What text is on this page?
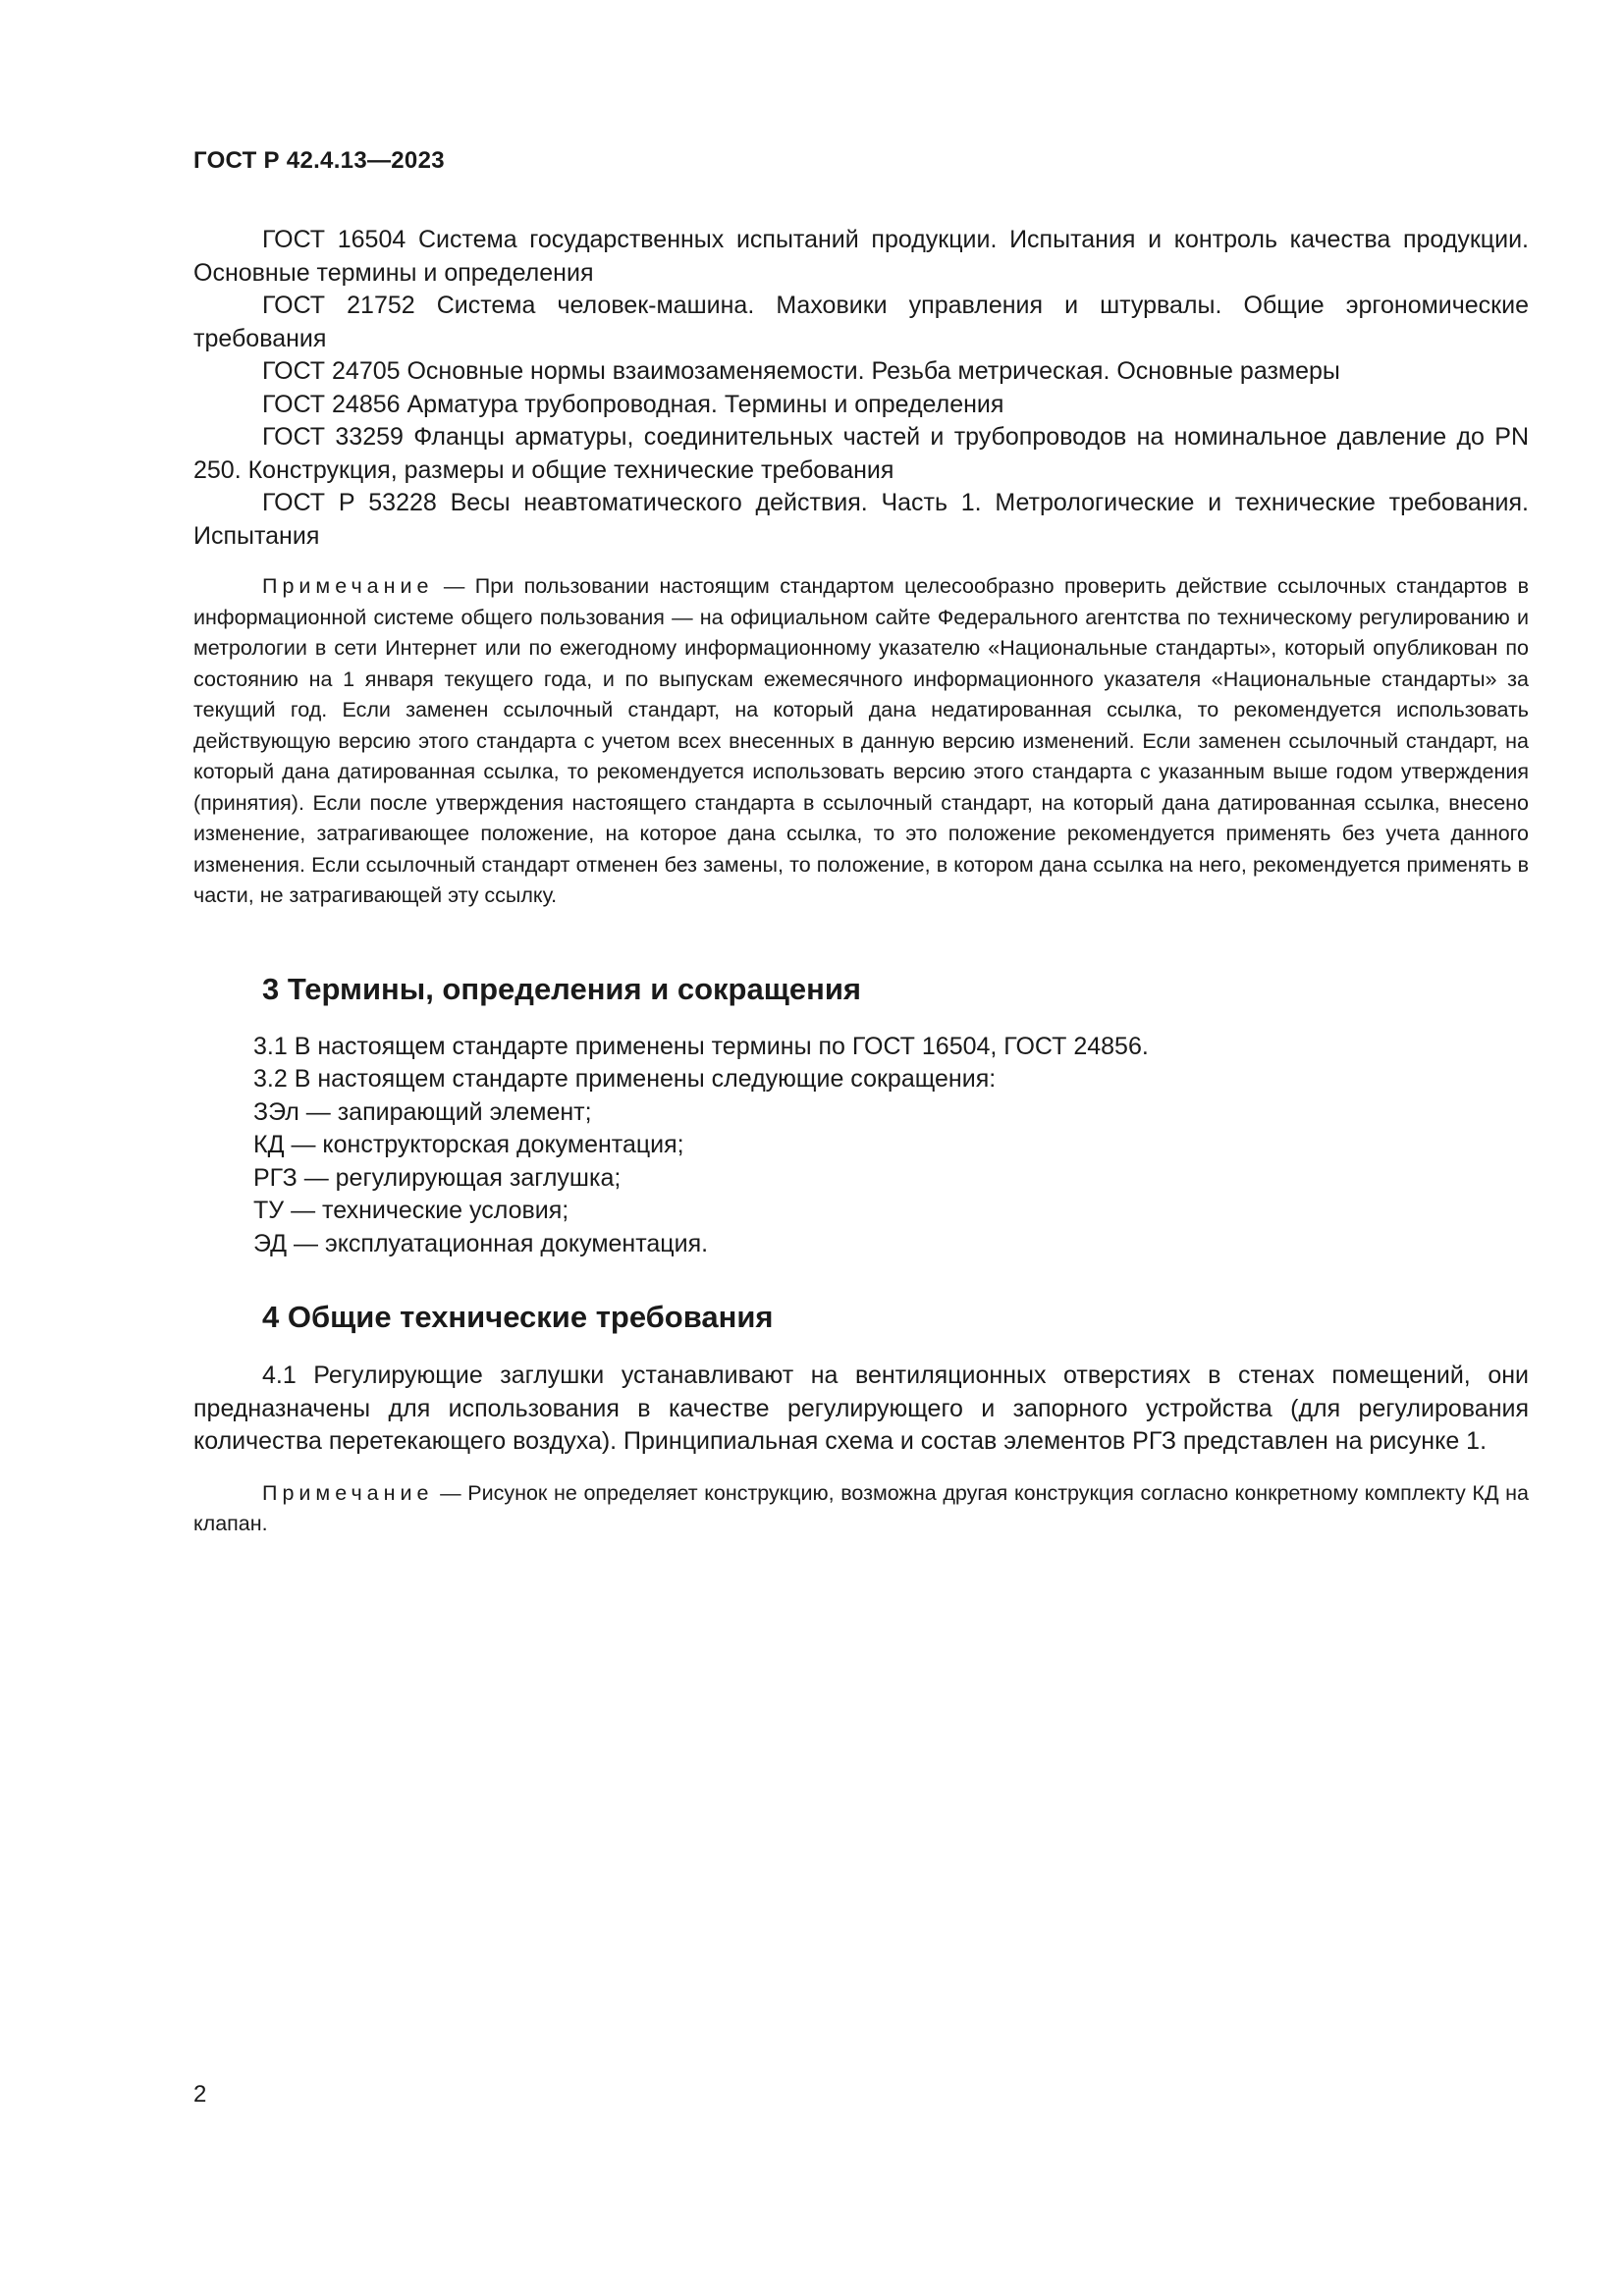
ГОСТ Р 42.4.13—2023

ГОСТ 16504 Система государственных испытаний продукции. Испытания и контроль качества продукции. Основные термины и определения

ГОСТ 21752 Система человек-машина. Маховики управления и штурвалы. Общие эргономические требования

ГОСТ 24705 Основные нормы взаимозаменяемости. Резьба метрическая. Основные размеры

ГОСТ 24856 Арматура трубопроводная. Термины и определения

ГОСТ 33259 Фланцы арматуры, соединительных частей и трубопроводов на номинальное давление до PN 250. Конструкция, размеры и общие технические требования

ГОСТ Р 53228 Весы неавтоматического действия. Часть 1. Метрологические и технические требования. Испытания

Примечание — При пользовании настоящим стандартом целесообразно проверить действие ссылочных стандартов в информационной системе общего пользования — на официальном сайте Федерального агентства по техническому регулированию и метрологии в сети Интернет или по ежегодному информационному указателю «Национальные стандарты», который опубликован по состоянию на 1 января текущего года, и по выпускам ежемесячного информационного указателя «Национальные стандарты» за текущий год. Если заменен ссылочный стандарт, на который дана недатированная ссылка, то рекомендуется использовать действующую версию этого стандарта с учетом всех внесенных в данную версию изменений. Если заменен ссылочный стандарт, на который дана датированная ссылка, то рекомендуется использовать версию этого стандарта с указанным выше годом утверждения (принятия). Если после утверждения настоящего стандарта в ссылочный стандарт, на который дана датированная ссылка, внесено изменение, затрагивающее положение, на которое дана ссылка, то это положение рекомендуется применять без учета данного изменения. Если ссылочный стандарт отменен без замены, то положение, в котором дана ссылка на него, рекомендуется применять в части, не затрагивающей эту ссылку.

3 Термины, определения и сокращения

3.1 В настоящем стандарте применены термины по ГОСТ 16504, ГОСТ 24856.

3.2 В настоящем стандарте применены следующие сокращения:

ЗЭл — запирающий элемент;

КД — конструкторская документация;

РГЗ — регулирующая заглушка;

ТУ — технические условия;

ЭД — эксплуатационная документация.

4 Общие технические требования

4.1 Регулирующие заглушки устанавливают на вентиляционных отверстиях в стенах помещений, они предназначены для использования в качестве регулирующего и запорного устройства (для регулирования количества перетекающего воздуха). Принципиальная схема и состав элементов РГЗ представлен на рисунке 1.

Примечание — Рисунок не определяет конструкцию, возможна другая конструкция согласно конкретному комплекту КД на клапан.

2
